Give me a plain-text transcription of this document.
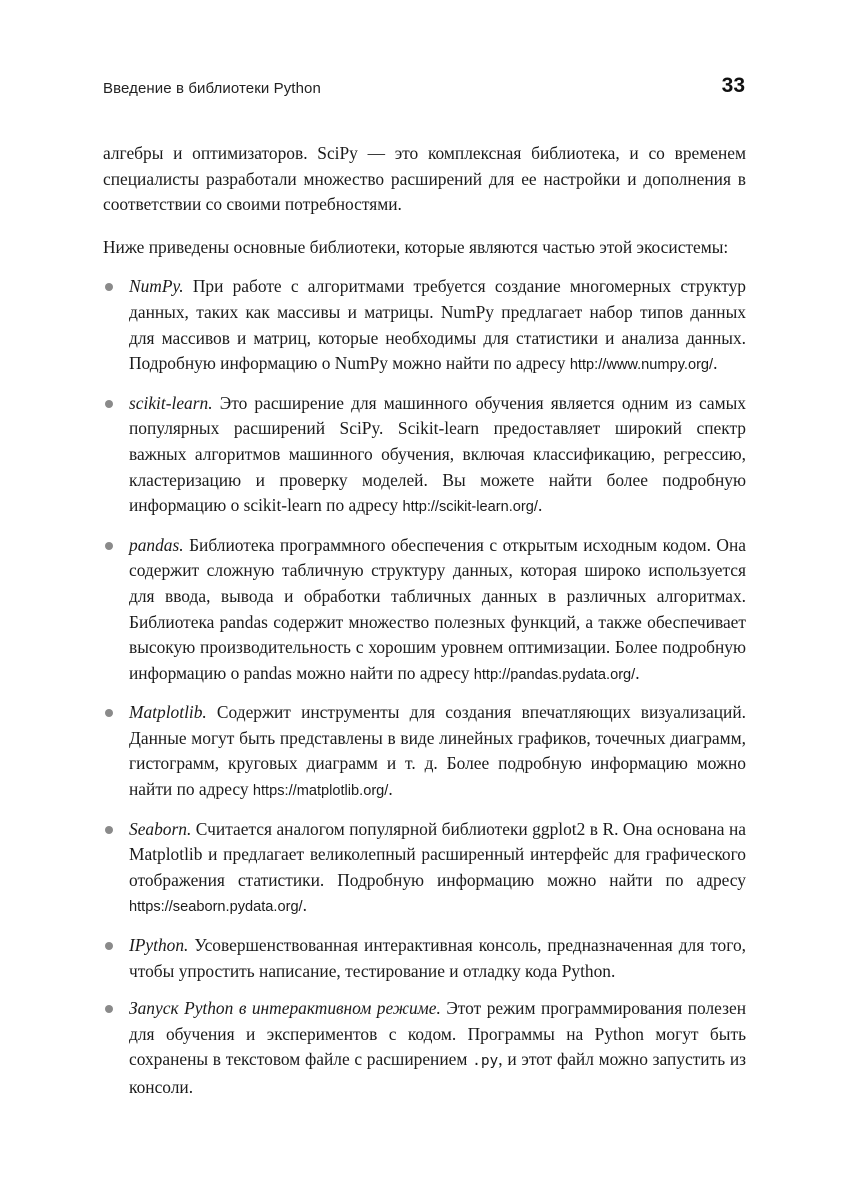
Введение в библиотеки Python	33

алгебры и оптимизаторов. SciPy — это комплексная библиотека, и со временем специалисты разработали множество расширений для ее настройки и дополнения в соответствии со своими потребностями.

Ниже приведены основные библиотеки, которые являются частью этой экосистемы:

NumPy. При работе с алгоритмами требуется создание многомерных структур данных, таких как массивы и матрицы. NumPy предлагает набор типов данных для массивов и матриц, которые необходимы для статистики и анализа данных. Подробную информацию о NumPy можно найти по адресу http://www.numpy.org/.
scikit-learn. Это расширение для машинного обучения является одним из самых популярных расширений SciPy. Scikit-learn предоставляет широкий спектр важных алгоритмов машинного обучения, включая классификацию, регрессию, кластеризацию и проверку моделей. Вы можете найти более подробную информацию о scikit-learn по адресу http://scikit-learn.org/.
pandas. Библиотека программного обеспечения с открытым исходным кодом. Она содержит сложную табличную структуру данных, которая широко используется для ввода, вывода и обработки табличных данных в различных алгоритмах. Библиотека pandas содержит множество полезных функций, а также обеспечивает высокую производительность с хорошим уровнем оптимизации. Более подробную информацию о pandas можно найти по адресу http://pandas.pydata.org/.
Matplotlib. Содержит инструменты для создания впечатляющих визуализаций. Данные могут быть представлены в виде линейных графиков, точечных диаграмм, гистограмм, круговых диаграмм и т. д. Более подробную информацию можно найти по адресу https://matplotlib.org/.
Seaborn. Считается аналогом популярной библиотеки ggplot2 в R. Она основана на Matplotlib и предлагает великолепный расширенный интерфейс для графического отображения статистики. Подробную информацию можно найти по адресу https://seaborn.pydata.org/.
IPython. Усовершенствованная интерактивная консоль, предназначенная для того, чтобы упростить написание, тестирование и отладку кода Python.
Запуск Python в интерактивном режиме. Этот режим программирования полезен для обучения и экспериментов с кодом. Программы на Python могут быть сохранены в текстовом файле с расширением .py, и этот файл можно запустить из консоли.
